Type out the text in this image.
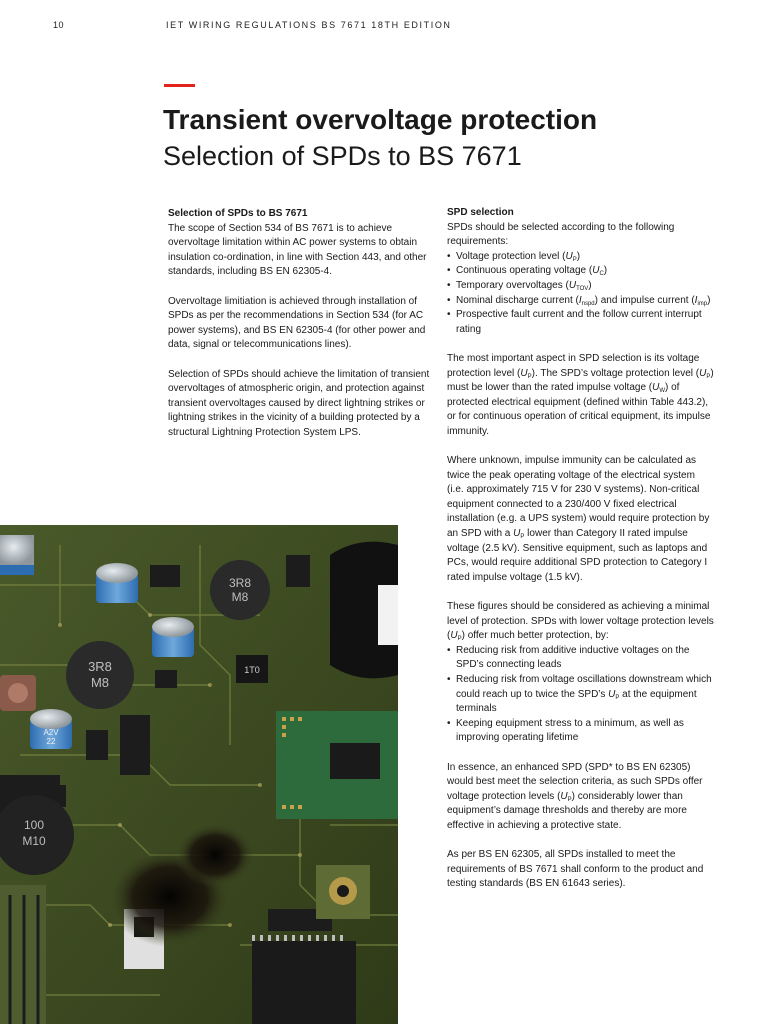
10	IET WIRING REGULATIONS BS 7671 18TH EDITION
Transient overvoltage protection
Selection of SPDs to BS 7671
Selection of SPDs to BS 7671

The scope of Section 534 of BS 7671 is to achieve overvoltage limitation within AC power systems to obtain insulation co-ordination, in line with Section 443, and other standards, including BS EN 62305-4.

Overvoltage limitiation is achieved through installation of SPDs as per the recommendations in Section 534 (for AC power systems), and BS EN 62305-4 (for other power and data, signal or telecommunications lines).

Selection of SPDs should achieve the limitation of transient overvoltages of atmospheric origin, and protection against transient overvoltages caused by direct lightning strikes or lightning strikes in the vicinity of a building protected by a structural Lightning Protection System LPS.

SPD selection
SPDs should be selected according to the following requirements:
• Voltage protection level $(U_P)$
• Continuous operating voltage $(U_C)$
• Temporary overvoltages $(U_{TOV})$
• Nominal discharge current $(I_{nspd})$ and impulse current $(I_{imp})$
• Prospective fault current and the follow current interrupt rating

The most important aspect in SPD selection is its voltage protection level $(U_P)$. The SPD’s voltage protection level $(U_P)$ must be lower than the rated impulse voltage $(U_W)$ of protected electrical equipment (defined within Table 443.2), or for continuous operation of critical equipment, its impulse immunity.

Where unknown, impulse immunity can be calculated as twice the peak operating voltage of the electrical system (i.e. approximately 715 V for 230 V systems). Non-critical equipment connected to a 230/400 V fixed electrical installation (e.g. a UPS system) would require protection by an SPD with a $U_P$ lower than Category II rated impulse voltage (2.5 kV). Sensitive equipment, such as laptops and PCs, would require additional SPD protection to Category I rated impulse voltage (1.5 kV).

These figures should be considered as achieving a minimal level of protection. SPDs with lower voltage protection levels $(U_P)$ offer much better protection, by:
• Reducing risk from additive inductive voltages on the SPD’s connecting leads
• Reducing risk from voltage oscillations downstream which could reach up to twice the SPD’s $U_P$ at the equipment terminals
• Keeping equipment stress to a minimum, as well as improving operating lifetime

In essence, an enhanced SPD (SPD* to BS EN 62305) would best meet the selection criteria, as such SPDs offer voltage protection levels $(U_P)$ considerably lower than equipment’s damage thresholds and thereby are more effective in achieving a protective state.

As per BS EN 62305, all SPDs installed to meet the requirements of BS 7671 shall conform to the product and testing standards (BS EN 61643 series).

3R8
M8
3R8
M8
1T0
100
M10
A2V
22
